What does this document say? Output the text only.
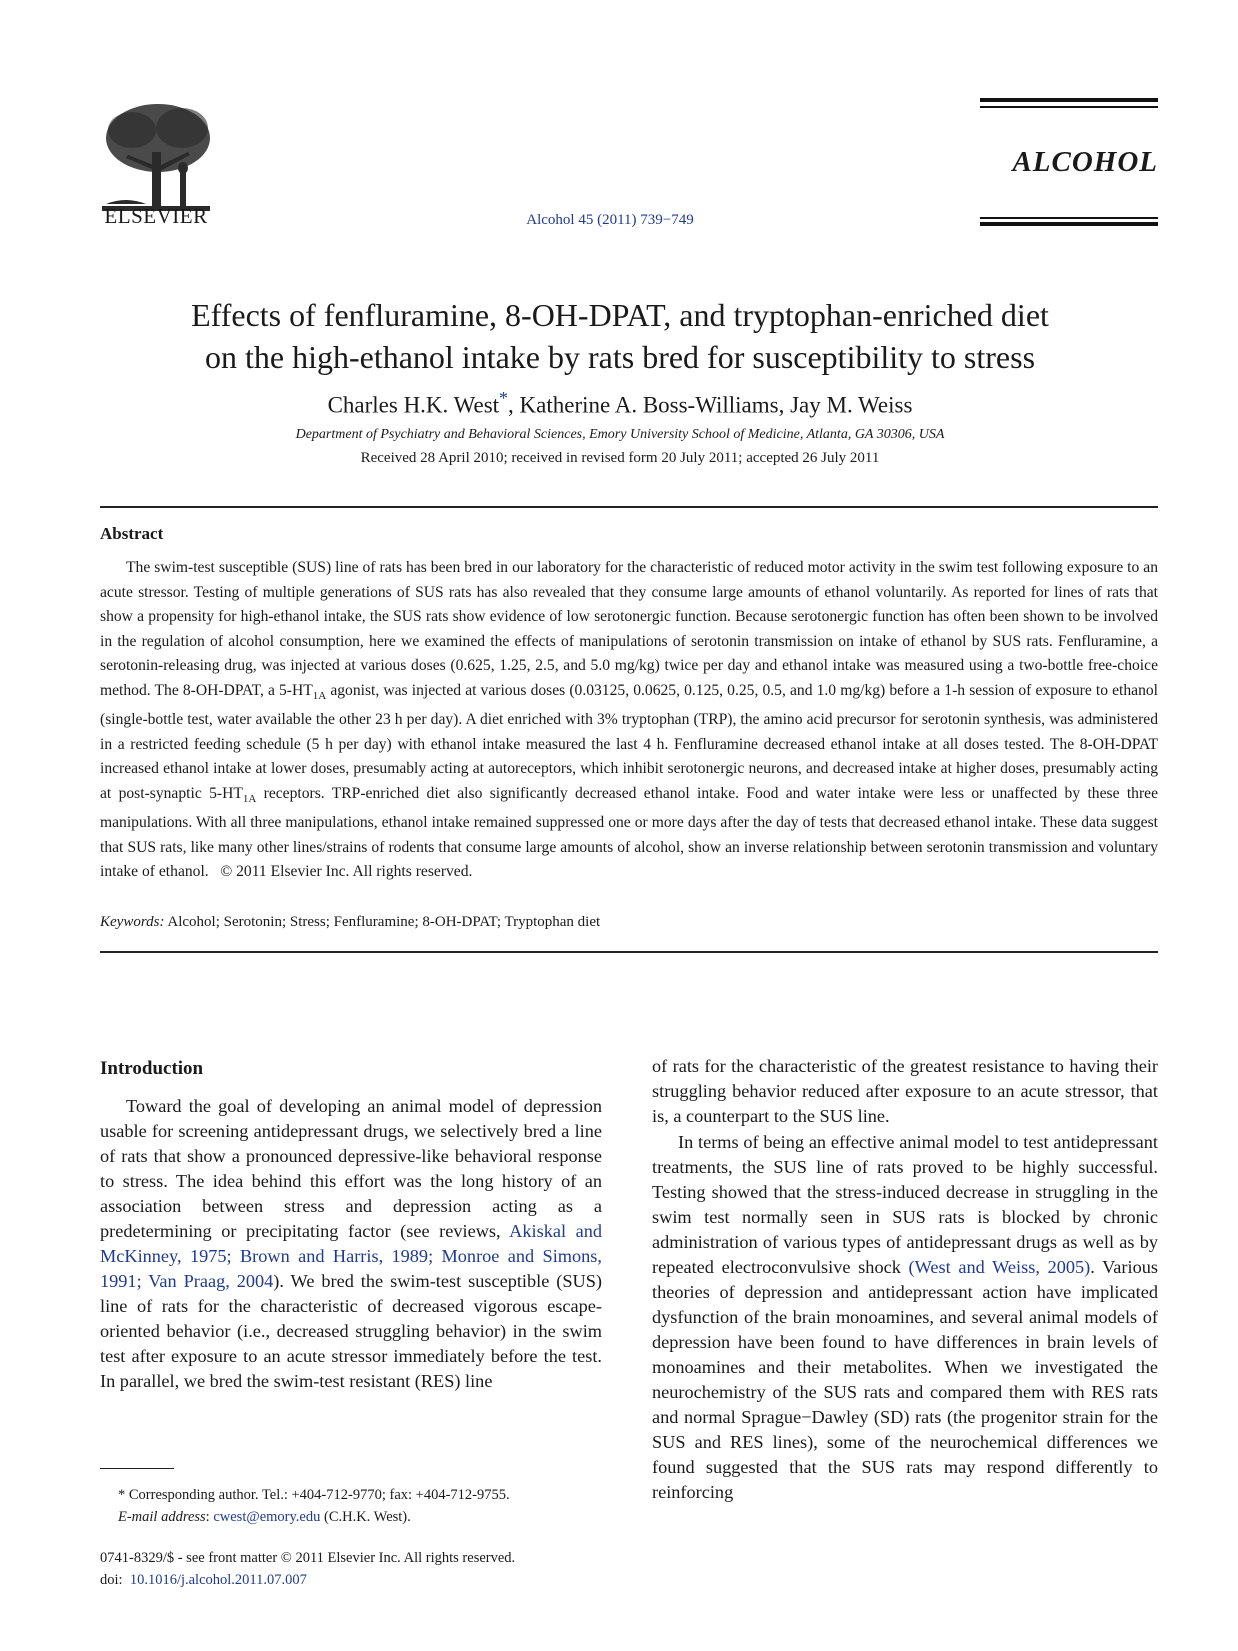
ELSEVIER	Alcohol 45 (2011) 739−749
ALCOHOL
Effects of fenfluramine, 8-OH-DPAT, and tryptophan-enriched diet
on the high-ethanol intake by rats bred for susceptibility to stress
Charles H.K. West*, Katherine A. Boss-Williams, Jay M. Weiss
Department of Psychiatry and Behavioral Sciences, Emory University School of Medicine, Atlanta, GA 30306, USA
Received 28 April 2010; received in revised form 20 July 2011; accepted 26 July 2011
Abstract

The swim-test susceptible (SUS) line of rats has been bred in our laboratory for the characteristic of reduced motor activity in the swim test following exposure to an acute stressor. Testing of multiple generations of SUS rats has also revealed that they consume large amounts of ethanol voluntarily. As reported for lines of rats that show a propensity for high-ethanol intake, the SUS rats show evidence of low serotonergic function. Because serotonergic function has often been shown to be involved in the regulation of alcohol consumption, here we examined the effects of manipulations of serotonin transmission on intake of ethanol by SUS rats. Fenfluramine, a serotonin-releasing drug, was injected at various doses (0.625, 1.25, 2.5, and 5.0 mg/kg) twice per day and ethanol intake was measured using a two-bottle free-choice method. The 8-OH-DPAT, a $5-HT_{1A}$ agonist, was injected at various doses (0.03125, 0.0625, 0.125, 0.25, 0.5, and 1.0 mg/kg) before a 1-h session of exposure to ethanol (single-bottle test, water available the other 23 h per day). A diet enriched with 3% tryptophan (TRP), the amino acid precursor for serotonin synthesis, was administered in a restricted feeding schedule (5 h per day) with ethanol intake measured the last 4 h. Fenfluramine decreased ethanol intake at all doses tested. The 8-OH-DPAT increased ethanol intake at lower doses, presumably acting at autoreceptors, which inhibit serotonergic neurons, and decreased intake at higher doses, presumably acting at post-synaptic $5-HT_{1A}$ receptors. TRP-enriched diet also significantly decreased ethanol intake. Food and water intake were less or unaffected by these three manipulations. With all three manipulations, ethanol intake remained suppressed one or more days after the day of tests that decreased ethanol intake. These data suggest that SUS rats, like many other lines/strains of rodents that consume large amounts of alcohol, show an inverse relationship between serotonin transmission and voluntary intake of ethanol.   © 2011 Elsevier Inc. All rights reserved.

Keywords: Alcohol; Serotonin; Stress; Fenfluramine; 8-OH-DPAT; Tryptophan diet
Introduction

Toward the goal of developing an animal model of depression usable for screening antidepressant drugs, we selectively bred a line of rats that show a pronounced depressive-like behavioral response to stress. The idea behind this effort was the long history of an association between stress and depression acting as a predetermining or precipitating factor (see reviews, Akiskal and McKinney, 1975; Brown and Harris, 1989; Monroe and Simons, 1991; Van Praag, 2004). We bred the swim-test susceptible (SUS) line of rats for the characteristic of decreased vigorous escape-oriented behavior (i.e., decreased struggling behavior) in the swim test after exposure to an acute stressor immediately before the test. In parallel, we bred the swim-test resistant (RES) line

of rats for the characteristic of the greatest resistance to having their struggling behavior reduced after exposure to an acute stressor, that is, a counterpart to the SUS line.

In terms of being an effective animal model to test antidepressant treatments, the SUS line of rats proved to be highly successful. Testing showed that the stress-induced decrease in struggling in the swim test normally seen in SUS rats is blocked by chronic administration of various types of antidepressant drugs as well as by repeated electroconvulsive shock (West and Weiss, 2005). Various theories of depression and antidepressant action have implicated dysfunction of the brain monoamines, and several animal models of depression have been found to have differences in brain levels of monoamines and their metabolites. When we investigated the neurochemistry of the SUS rats and compared them with RES rats and normal Sprague−Dawley (SD) rats (the progenitor strain for the SUS and RES lines), some of the neurochemical differences we found suggested that the SUS rats may respond differently to reinforcing

* Corresponding author. Tel.: +404-712-9770; fax: +404-712-9755.
E-mail address: cwest@emory.edu (C.H.K. West).
0741-8329/$ - see front matter © 2011 Elsevier Inc. All rights reserved.
doi: 10.1016/j.alcohol.2011.07.007
